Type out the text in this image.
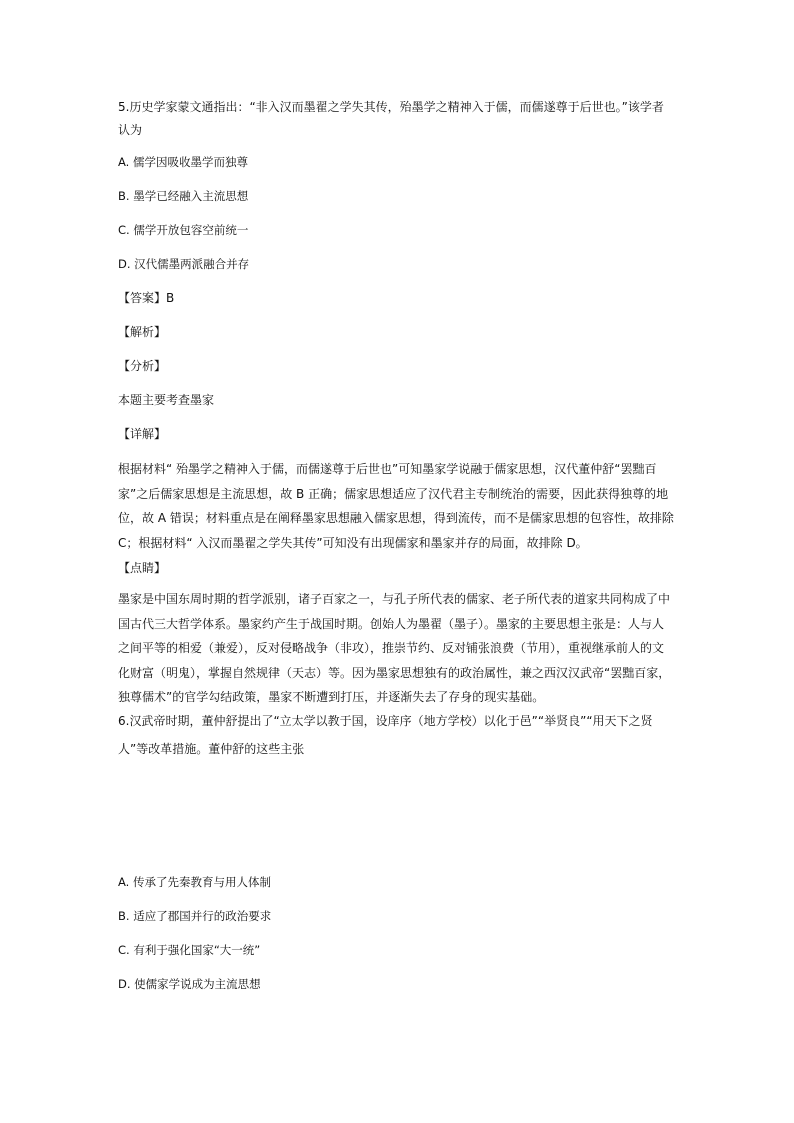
5.历史学家蒙文通指出：“非入汉而墨翟之学失其传，殆墨学之精神入于儒，而儒遂尊于后世也。”该学者认为

A. 儒学因吸收墨学而独尊

B. 墨学已经融入主流思想

C. 儒学开放包容空前统一

D. 汉代儒墨两派融合并存

【答案】B

【解析】

【分析】

本题主要考查墨家

【详解】

根据材料“ 殆墨学之精神入于儒，而儒遂尊于后世也”可知墨家学说融于儒家思想，汉代董仲舒“罢黜百家”之后儒家思想是主流思想，故 B 正确；儒家思想适应了汉代君主专制统治的需要，因此获得独尊的地位，故 A 错误；材料重点是在阐释墨家思想融入儒家思想，得到流传，而不是儒家思想的包容性，故排除 C；根据材料“ 入汉而墨翟之学失其传”可知没有出现儒家和墨家并存的局面，故排除 D。

【点睛】

墨家是中国东周时期的哲学派别，诸子百家之一，与孔子所代表的儒家、老子所代表的道家共同构成了中国古代三大哲学体系。墨家约产生于战国时期。创始人为墨翟（墨子）。墨家的主要思想主张是：人与人之间平等的相爱（兼爱），反对侵略战争（非攻），推崇节约、反对铺张浪费（节用），重视继承前人的文化财富（明鬼），掌握自然规律（天志）等。因为墨家思想独有的政治属性，兼之西汉汉武帝“罢黜百家，独尊儒术”的官学勾结政策，墨家不断遭到打压，并逐渐失去了存身的现实基础。

6.汉武帝时期，董仲舒提出了“立太学以教于国，设庠序（地方学校）以化于邑”“举贤良”“用天下之贤人”等改革措施。董仲舒的这些主张

A. 传承了先秦教育与用人体制

B. 适应了郡国并行的政治要求

C. 有利于强化国家“大一统”

D. 使儒家学说成为主流思想
